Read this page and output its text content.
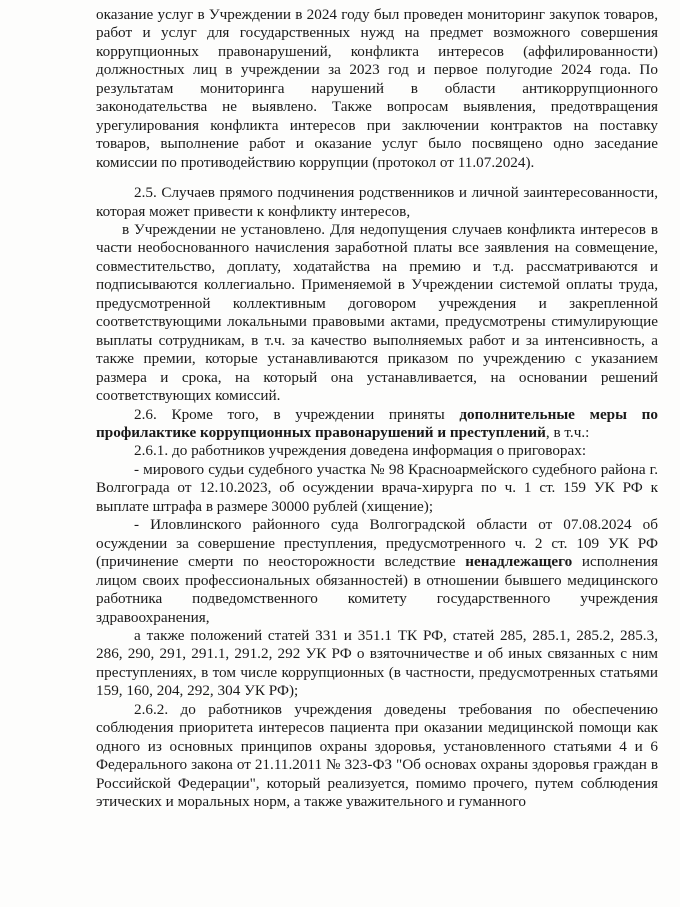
оказание услуг в Учреждении в 2024 году был проведен мониторинг закупок товаров, работ и услуг для государственных нужд на предмет возможного совершения коррупционных правонарушений, конфликта интересов (аффилированности) должностных лиц в учреждении за 2023 год и первое полугодие 2024 года. По результатам мониторинга нарушений в области антикоррупционного законодательства не выявлено. Также вопросам выявления, предотвращения урегулирования конфликта интересов при заключении контрактов на поставку товаров, выполнение работ и оказание услуг было посвящено одно заседание комиссии по противодействию коррупции (протокол от 11.07.2024).

2.5. Случаев прямого подчинения родственников и личной заинтересованности, которая может привести к конфликту интересов,

в Учреждении не установлено. Для недопущения случаев конфликта интересов в части необоснованного начисления заработной платы все заявления на совмещение, совместительство, доплату, ходатайства на премию и т.д. рассматриваются и подписываются коллегиально. Применяемой в Учреждении системой оплаты труда, предусмотренной коллективным договором учреждения и закрепленной соответствующими локальными правовыми актами, предусмотрены стимулирующие выплаты сотрудникам, в т.ч. за качество выполняемых работ и за интенсивность, а также премии, которые устанавливаются приказом по учреждению с указанием размера и срока, на который она устанавливается, на основании решений соответствующих комиссий.

2.6. Кроме того, в учреждении приняты дополнительные меры по профилактике коррупционных правонарушений и преступлений, в т.ч.:

2.6.1. до работников учреждения доведена информация о приговорах:

- мирового судьи судебного участка № 98 Красноармейского судебного района г. Волгограда от 12.10.2023, об осуждении врача-хирурга по ч. 1 ст. 159 УК РФ к выплате штрафа в размере 30000 рублей (хищение);

- Иловлинского районного суда Волгоградской области от 07.08.2024 об осуждении за совершение преступления, предусмотренного ч. 2 ст. 109 УК РФ (причинение смерти по неосторожности вследствие ненадлежащего исполнения лицом своих профессиональных обязанностей) в отношении бывшего медицинского работника подведомственного комитету государственного учреждения здравоохранения,

а также положений статей 331 и 351.1 ТК РФ, статей 285, 285.1, 285.2, 285.3, 286, 290, 291, 291.1, 291.2, 292 УК РФ о взяточничестве и об иных связанных с ним преступлениях, в том числе коррупционных (в частности, предусмотренных статьями 159, 160, 204, 292, 304 УК РФ);

2.6.2. до работников учреждения доведены требования по обеспечению соблюдения приоритета интересов пациента при оказании медицинской помощи как одного из основных принципов охраны здоровья, установленного статьями 4 и 6 Федерального закона от 21.11.2011 № 323-ФЗ "Об основах охраны здоровья граждан в Российской Федерации", который реализуется, помимо прочего, путем соблюдения этических и моральных норм, а также уважительного и гуманного
